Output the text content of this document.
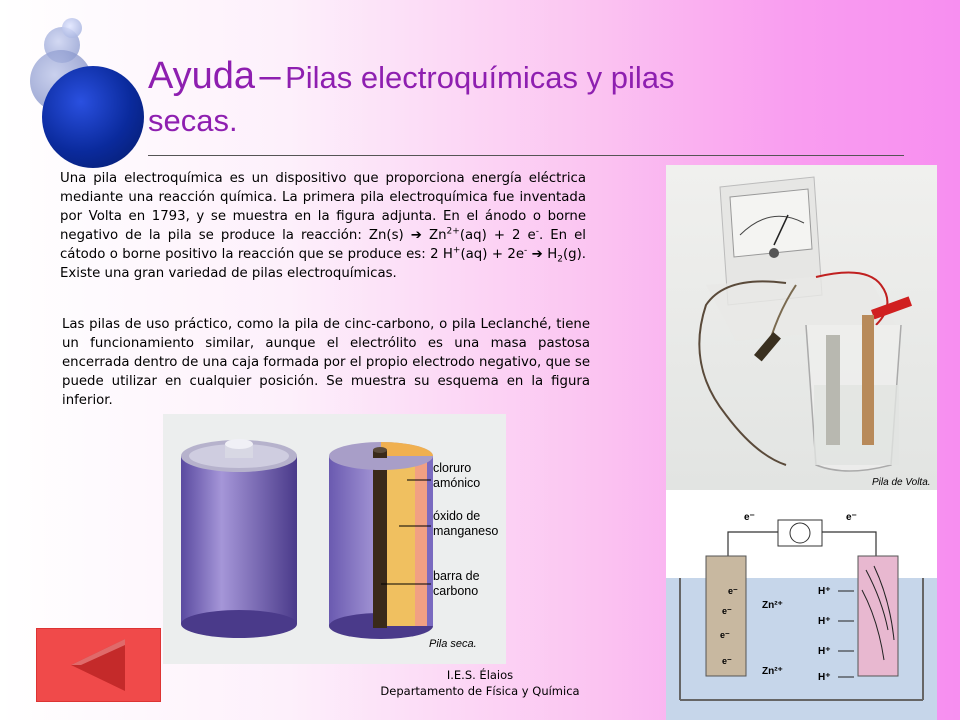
Ayuda – Pilas electroquímicas y pilas
secas.
Una pila electroquímica es un dispositivo que proporciona energía eléctrica mediante una reacción química. La primera pila electroquímica fue inventada por Volta en 1793, y se muestra en la figura adjunta. En el ánodo o borne negativo de la pila se produce la reacción: Zn(s) ➔ $Zn^{2+}(aq) + 2$ e-. En el cátodo o borne positivo la reacción que se produce es: 2 H+(aq) + 2e- ➔ $H_2(g)$. Existe una gran variedad de pilas electroquímicas.
Las pilas de uso práctico, como la pila de cinc-carbono, o pila Leclanché, tiene un funcionamiento similar, aunque el electrólito es una masa pastosa encerrada dentro de una caja formada por el propio electrodo negativo, que se puede utilizar en cualquier posición. Se muestra su esquema en la figura inferior.
cloruro
amónico
óxido de
manganeso
barra de
carbono
Pila seca.
Pila de Volta.
e⁻	e⁻
e⁻
e⁻
e⁻
e⁻
Zn²⁺
Zn²⁺
H⁺
H⁺
H⁺
H⁺
I.E.S. Élaios
Departamento de Física y Química
